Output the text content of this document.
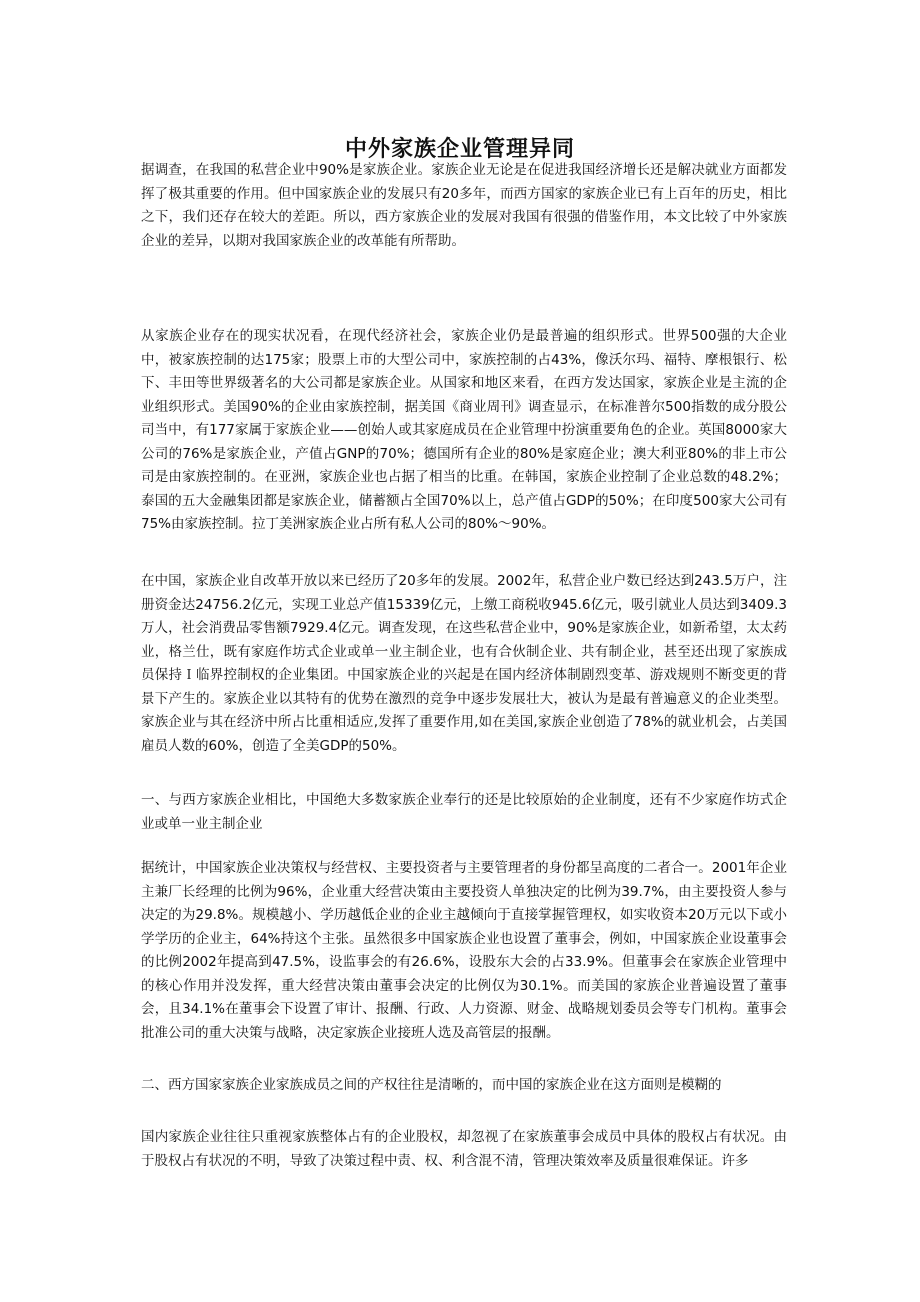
中外家族企业管理异同

据调查，在我国的私营企业中90%是家族企业。家族企业无论是在促进我国经济增长还是解决就业方面都发挥了极其重要的作用。但中国家族企业的发展只有20多年，而西方国家的家族企业已有上百年的历史，相比之下，我们还存在较大的差距。所以，西方家族企业的发展对我国有很强的借鉴作用，本文比较了中外家族企业的差异，以期对我国家族企业的改革能有所帮助。

从家族企业存在的现实状况看，在现代经济社会，家族企业仍是最普遍的组织形式。世界500强的大企业中，被家族控制的达175家；股票上市的大型公司中，家族控制的占43%，像沃尔玛、福特、摩根银行、松下、丰田等世界级著名的大公司都是家族企业。从国家和地区来看，在西方发达国家，家族企业是主流的企业组织形式。美国90%的企业由家族控制，据美国《商业周刊》调查显示，在标准普尔500指数的成分股公司当中，有177家属于家族企业——创始人或其家庭成员在企业管理中扮演重要角色的企业。英国8000家大公司的76%是家族企业，产值占GNP的70%；德国所有企业的80%是家庭企业；澳大利亚80%的非上市公司是由家族控制的。在亚洲，家族企业也占据了相当的比重。在韩国，家族企业控制了企业总数的48.2%；泰国的五大金融集团都是家族企业，储蓄额占全国70%以上，总产值占GDP的50%；在印度500家大公司有75%由家族控制。拉丁美洲家族企业占所有私人公司的80%～90%。

在中国，家族企业自改革开放以来已经历了20多年的发展。2002年，私营企业户数已经达到243.5万户，注册资金达24756.2亿元，实现工业总产值15339亿元，上缴工商税收945.6亿元，吸引就业人员达到3409.3万人，社会消费品零售额7929.4亿元。调查发现，在这些私营企业中，90%是家族企业，如新希望，太太药业，格兰仕，既有家庭作坊式企业或单一业主制企业，也有合伙制企业、共有制企业，甚至还出现了家族成员保持Ｉ临界控制权的企业集团。中国家族企业的兴起是在国内经济体制剧烈变革、游戏规则不断变更的背景下产生的。家族企业以其特有的优势在激烈的竞争中逐步发展壮大，被认为是最有普遍意义的企业类型。家族企业与其在经济中所占比重相适应,发挥了重要作用,如在美国,家族企业创造了78%的就业机会，占美国雇员人数的60%，创造了全美GDP的50%。

一、与西方家族企业相比，中国绝大多数家族企业奉行的还是比较原始的企业制度，还有不少家庭作坊式企业或单一业主制企业

据统计，中国家族企业决策权与经营权、主要投资者与主要管理者的身份都呈高度的二者合一。2001年企业主兼厂长经理的比例为96%，企业重大经营决策由主要投资人单独决定的比例为39.7%，由主要投资人参与决定的为29.8%。规模越小、学历越低企业的企业主越倾向于直接掌握管理权，如实收资本20万元以下或小学学历的企业主，64%持这个主张。虽然很多中国家族企业也设置了董事会，例如，中国家族企业设董事会的比例2002年提高到47.5%，设监事会的有26.6%，设股东大会的占33.9%。但董事会在家族企业管理中的核心作用并没发挥，重大经营决策由董事会决定的比例仅为30.1%。而美国的家族企业普遍设置了董事会，且34.1%在董事会下设置了审计、报酬、行政、人力资源、财金、战略规划委员会等专门机构。董事会批准公司的重大决策与战略，决定家族企业接班人选及高管层的报酬。

二、西方国家家族企业家族成员之间的产权往往是清晰的，而中国的家族企业在这方面则是模糊的

国内家族企业往往只重视家族整体占有的企业股权，却忽视了在家族董事会成员中具体的股权占有状况。由于股权占有状况的不明，导致了决策过程中责、权、利含混不清，管理决策效率及质量很难保证。许多
